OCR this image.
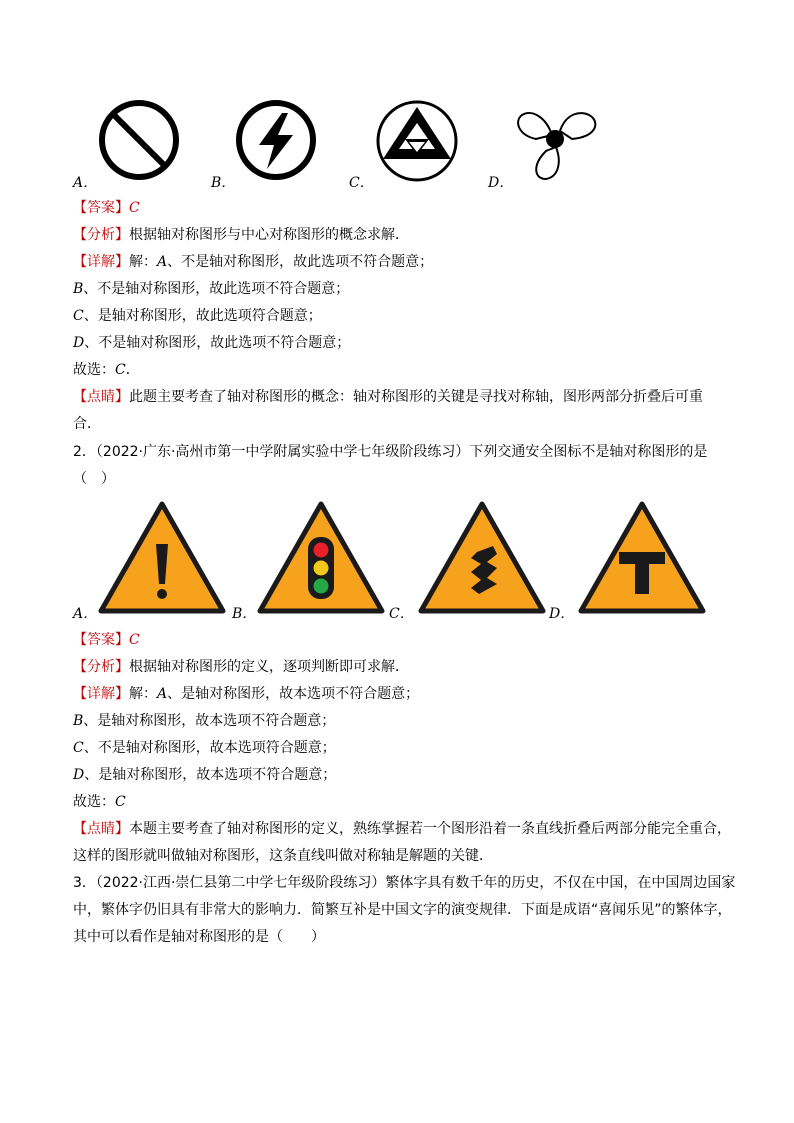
A．	B．	C．	D．
【答案】C
【分析】根据轴对称图形与中心对称图形的概念求解．
【详解】解：A、不是轴对称图形，故此选项不符合题意；
B、不是轴对称图形，故此选项不符合题意；
C、是轴对称图形，故此选项符合题意；
D、不是轴对称图形，故此选项不符合题意；
故选：C．
【点睛】此题主要考查了轴对称图形的概念：轴对称图形的关键是寻找对称轴，图形两部分折叠后可重
合．
2．（2022·广东·高州市第一中学附属实验中学七年级阶段练习）下列交通安全图标不是轴对称图形的是
（　）
A．	B．	C．	D．
【答案】C
【分析】根据轴对称图形的定义，逐项判断即可求解．
【详解】解：A、是轴对称图形，故本选项不符合题意；
B、是轴对称图形，故本选项不符合题意；
C、不是轴对称图形，故本选项符合题意；
D、是轴对称图形，故本选项不符合题意；
故选：C
【点睛】本题主要考查了轴对称图形的定义，熟练掌握若一个图形沿着一条直线折叠后两部分能完全重合，
这样的图形就叫做轴对称图形，这条直线叫做对称轴是解题的关键．
3．（2022·江西·崇仁县第二中学七年级阶段练习）繁体字具有数千年的历史，不仅在中国，在中国周边国家
中，繁体字仍旧具有非常大的影响力．简繁互补是中国文字的演变规律．下面是成语“喜闻乐见”的繁体字，
其中可以看作是轴对称图形的是（　　）
